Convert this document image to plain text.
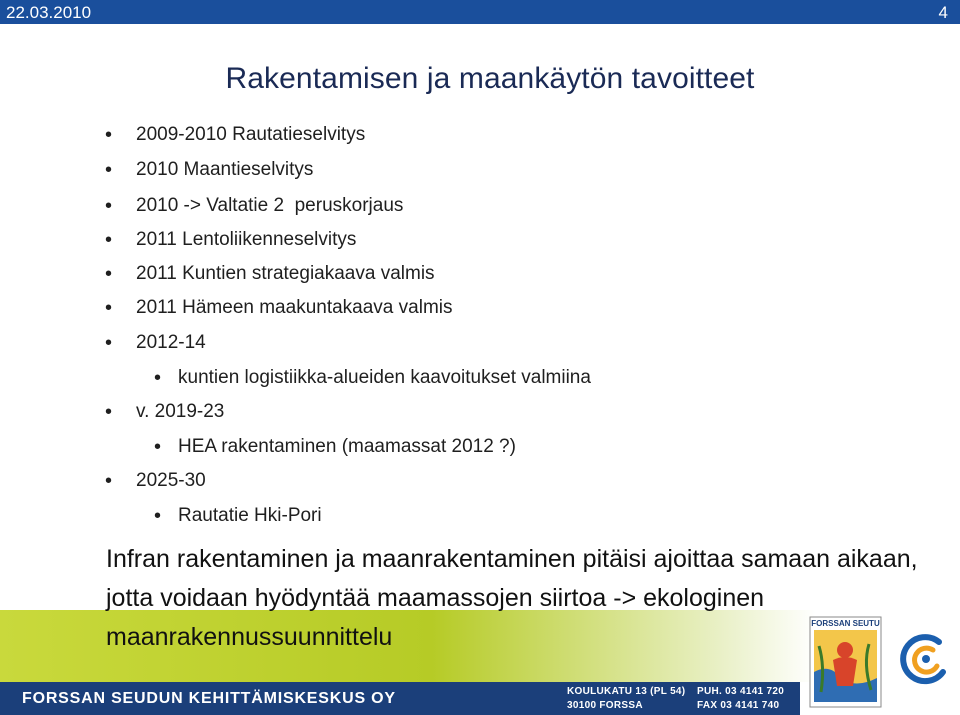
22.03.2010	4
Rakentamisen ja maankäytön tavoitteet
• 2009-2010 Rautatieselvitys
• 2010 Maantieselvitys
• 2010 -> Valtatie 2  peruskorjaus
• 2011 Lentoliikenneselvitys
• 2011 Kuntien strategiakaava valmis
• 2011 Hämeen maakuntakaava valmis
• 2012-14
• kuntien logistiikka-alueiden kaavoitukset valmiina
• v. 2019-23
• HEA rakentaminen (maamassat 2012 ?)
• 2025-30
• Rautatie Hki-Pori
Infran rakentaminen ja maanrakentaminen pitäisi ajoittaa samaan aikaan,
jotta voidaan hyödyntää maamassojen siirtoa -> ekologinen
maanrakennussuunnittelu
FORSSAN SEUDUN KEHITTÄMISKESKUS OY	KOULUKATU 13 (PL 54)
30100 FORSSA
PUH. 03 4141 720
FAX 03 4141 740
FORSSAN SEUTU
